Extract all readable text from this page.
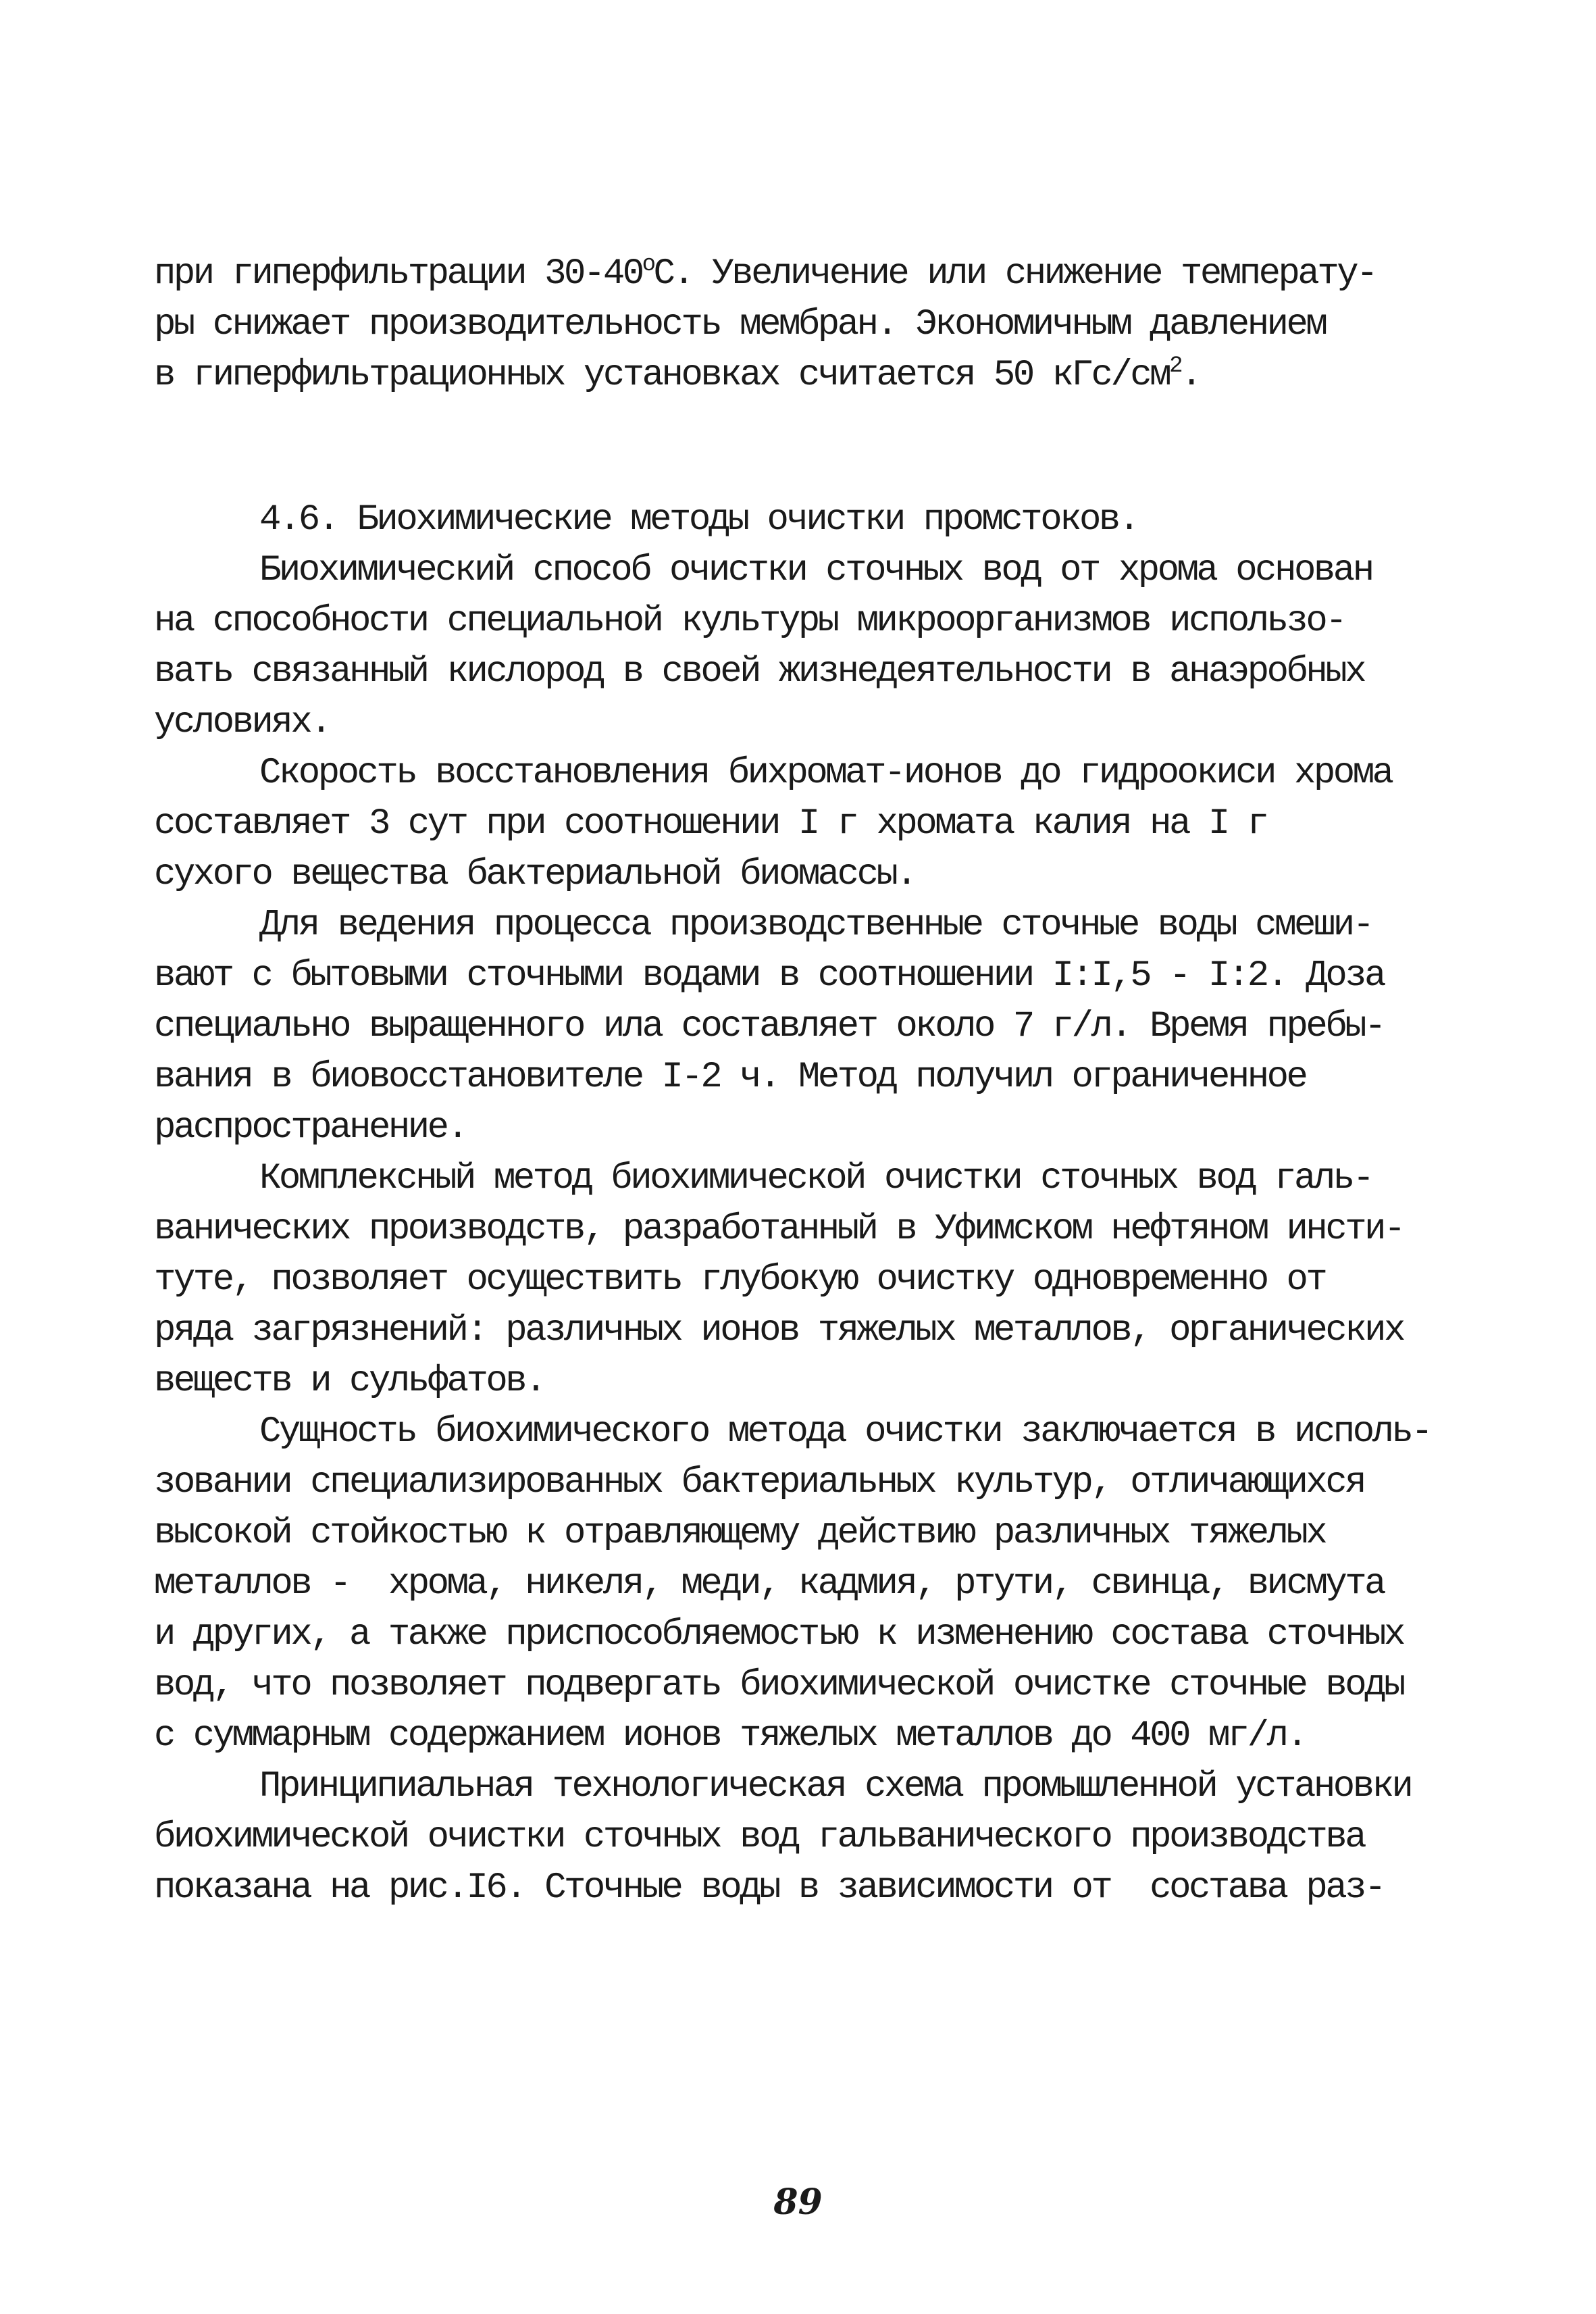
при гиперфильтрации $30-40^оС$. Увеличение или снижение температу-
ры снижает производительность мембран. Экономичным давлением
в гиперфильтрационных установках считается 50 кГс/$см^2$.
4.6. Биохимические методы очистки промстоков.
Биохимический способ очистки сточных вод от хрома основан
на способности специальной культуры микроорганизмов использо-
вать связанный кислород в своей жизнедеятельности в анаэробных
условиях.
Скорость восстановления бихромат-ионов до гидроокиси хрома
составляет 3 сут при соотношении I г хромата калия на I г
сухого вещества бактериальной биомассы.
Для ведения процесса производственные сточные воды смеши-
вают с бытовыми сточными водами в соотношении I:I,5 - I:2. Доза
специально выращенного ила составляет около 7 г/л. Время пребы-
вания в биовосстановителе I-2 ч. Метод получил ограниченное
распространение.
Комплексный метод биохимической очистки сточных вод галь-
ванических производств, разработанный в Уфимском нефтяном инсти-
туте, позволяет осуществить глубокую очистку одновременно от
ряда загрязнений: различных ионов тяжелых металлов, органических
веществ и сульфатов.
Сущность биохимического метода очистки заключается в исполь-
зовании специализированных бактериальных культур, отличающихся
высокой стойкостью к отравляющему действию различных тяжелых
металлов -  хрома, никеля, меди, кадмия, ртути, свинца, висмута
и других, а также приспособляемостью к изменению состава сточных
вод, что позволяет подвергать биохимической очистке сточные воды
с суммарным содержанием ионов тяжелых металлов до 400 мг/л.
Принципиальная технологическая схема промышленной установки
биохимической очистки сточных вод гальванического производства
показана на рис.I6. Сточные воды в зависимости от  состава раз-
89
